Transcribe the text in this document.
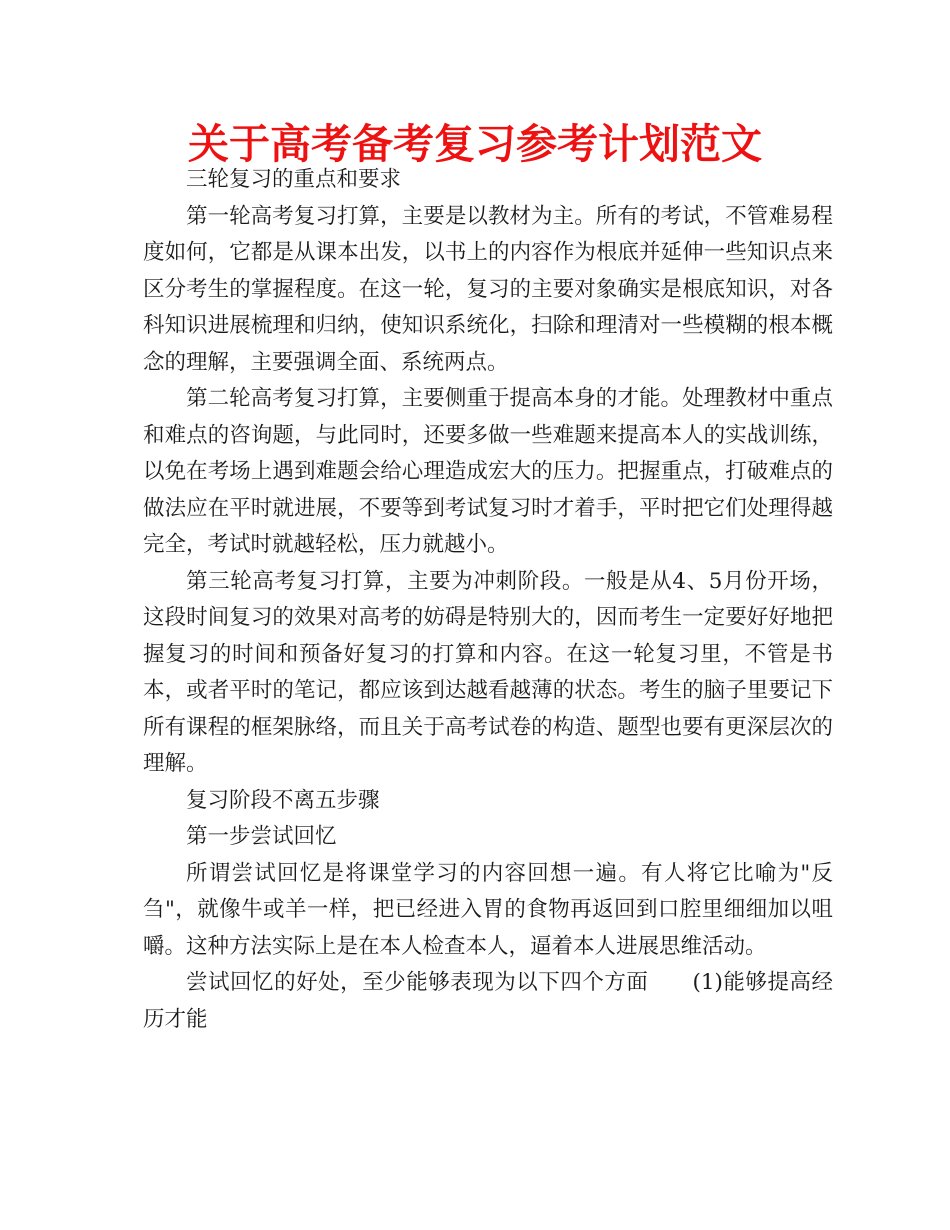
关于高考备考复习参考计划范文

三轮复习的重点和要求

第一轮高考复习打算，主要是以教材为主。所有的考试，不管难易程度如何，它都是从课本出发，以书上的内容作为根底并延伸一些知识点来区分考生的掌握程度。在这一轮，复习的主要对象确实是根底知识，对各科知识进展梳理和归纳，使知识系统化，扫除和理清对一些模糊的根本概念的理解，主要强调全面、系统两点。

第二轮高考复习打算，主要侧重于提高本身的才能。处理教材中重点和难点的咨询题，与此同时，还要多做一些难题来提高本人的实战训练，以免在考场上遇到难题会给心理造成宏大的压力。把握重点，打破难点的做法应在平时就进展，不要等到考试复习时才着手，平时把它们处理得越完全，考试时就越轻松，压力就越小。

第三轮高考复习打算，主要为冲刺阶段。一般是从4、5月份开场，这段时间复习的效果对高考的妨碍是特别大的，因而考生一定要好好地把握复习的时间和预备好复习的打算和内容。在这一轮复习里，不管是书本，或者平时的笔记，都应该到达越看越薄的状态。考生的脑子里要记下所有课程的框架脉络，而且关于高考试卷的构造、题型也要有更深层次的理解。

复习阶段不离五步骤

第一步尝试回忆

所谓尝试回忆是将课堂学习的内容回想一遍。有人将它比喻为"反刍"，就像牛或羊一样，把已经进入胃的食物再返回到口腔里细细加以咀嚼。这种方法实际上是在本人检查本人，逼着本人进展思维活动。

尝试回忆的好处，至少能够表现为以下四个方面　　(1)能够提高经历才能
